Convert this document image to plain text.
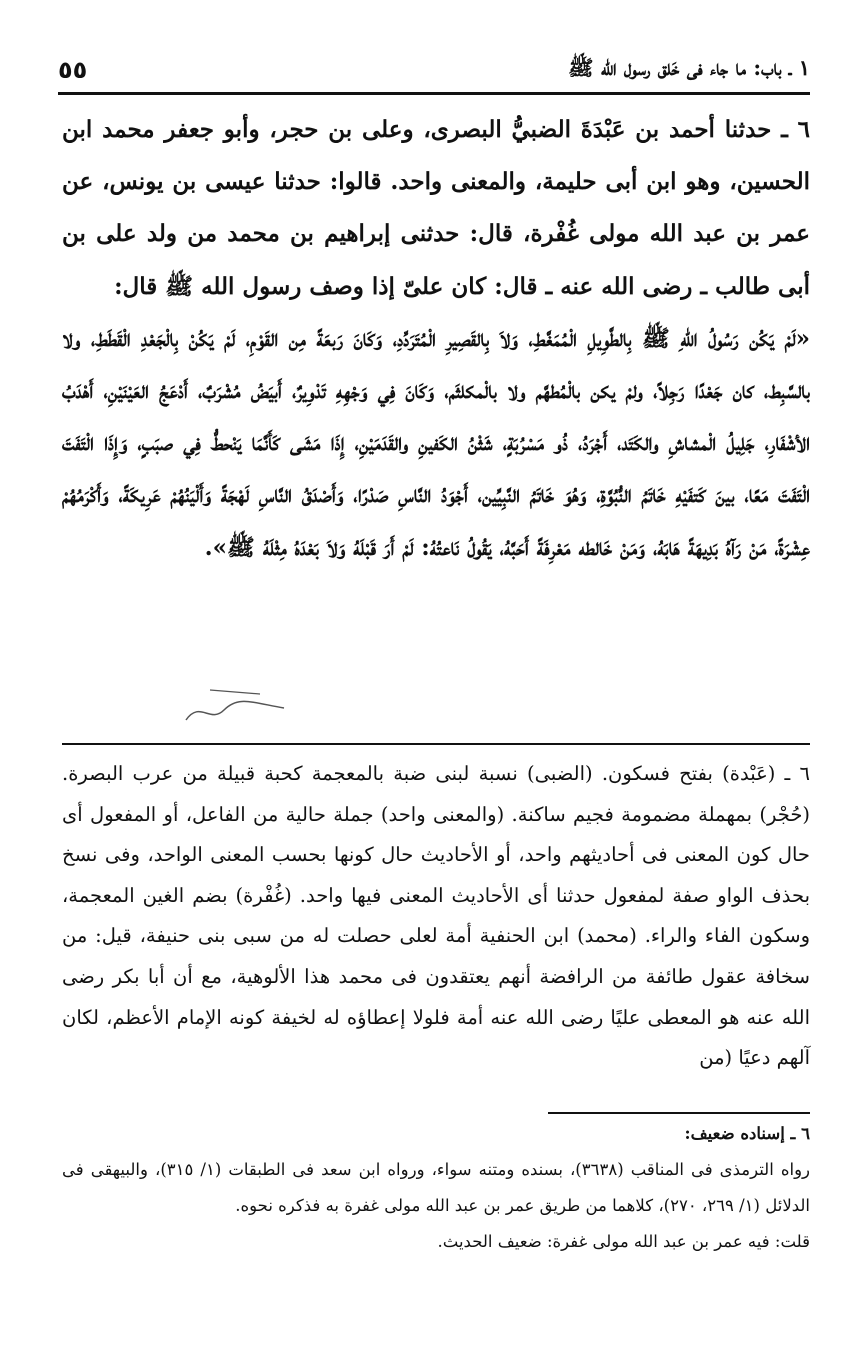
٥٥	١ ـ باب: ما جاء فى خَلق رسول الله ﷺ

٦ ـ حدثنا أحمد بن عَبْدَةَ الضبيُّ البصرى، وعلى بن حجر، وأبو جعفر محمد ابن الحسين، وهو ابن أبى حليمة، والمعنى واحد. قالوا: حدثنا عيسى بن يونس، عن عمر بن عبد الله مولى غُفْرة، قال: حدثنى إبراهيم بن محمد من ولد على بن أبى طالب ـ رضى الله عنه ـ قال: كان علىّ إذا وصف رسول الله ﷺ قال:

«لَمْ يَكُن رَسُولُ اللهِ ﷺ بِالطَّوِيلِ الْمُمَغَّطِ، وَلاَ بِالقَصِيرِ الْمُتَرَدِّدِ، وَكَانَ رَبعَةً مِن القَوْمِ، لَمْ يَكُنْ بِالْجَعْدِ الْقَطَطِ، ولا بالسَّبِط، كان جَعْدًا رَجِلاً، ولمْ يكن بالْمُطهَّم ولا بالْمكلثَم، وَكَانَ فِي وَجْهِهِ تَدْوِيرٌ، أَبيَضُ مُشْرَبٌ، أَدْعَجُ العَيْنَيْنِ، أَهْدَبُ الأشْفَارِ، جَلِيلُ الْمشاشِ والكَتَد، أَجْرَدُ، ذُو مَسْرُبَةٍ، شَثْنُ الكَفينِ والقَدَمَيْنِ، إِذَا مَشَى كَأَنَّمَا يَنْحطُّ فِي صبَبٍ، وَإِذَا الْتَفَتَ الْتَفَتَ مَعًا، بينَ كَتفَيْهِ خَاتَمُ النُّبُوَّةِ، وَهُوَ خَاتَمُ النَّبِيِّين، أَجْوَدُ النَّاسِ صَدْرًا، وَأَصْدَقُ النَّاسِ لَهْجَةً وَأَلْيَنُهُمْ عَرِيكَةً، وَأَكْرَمُهُمْ عِشْرَةً، مَنْ رَآهُ بَدِيهَةً هَابَهُ، وَمَنْ خَالطه مَعْرِفَةً أَحَبَّهُ، يَقُولُ نَاعتُهُ: لَمْ أَرَ قَبْلَهُ وَلاَ بَعْدَهُ مِثْلَهُ ﷺ».

٦ ـ (عَبْدة) بفتح فسكون. (الضبى) نسبة لبنى ضبة بالمعجمة كحبة قبيلة من عرب البصرة. (حُجْر) بمهملة مضمومة فجيم ساكنة. (والمعنى واحد) جملة حالية من الفاعل، أو المفعول أى حال كون المعنى فى أحاديثهم واحد، أو الأحاديث حال كونها بحسب المعنى الواحد، وفى نسخ بحذف الواو صفة لمفعول حدثنا أى الأحاديث المعنى فيها واحد. (غُفْرة) بضم الغين المعجمة، وسكون الفاء والراء. (محمد) ابن الحنفية أمة لعلى حصلت له من سبى بنى حنيفة، قيل: من سخافة عقول طائفة من الرافضة أنهم يعتقدون فى محمد هذا الألوهية، مع أن أبا بكر رضى الله عنه هو المعطى عليًا رضى الله عنه أمة فلولا إعطاؤه له لخيفة كونه الإمام الأعظم، لكان آلهم دعيًا (من

٦ ـ إسناده ضعيف:

رواه الترمذى فى المناقب (٣٦٣٨)، بسنده ومتنه سواء، ورواه ابن سعد فى الطبقات (١/ ٣١٥)، والبيهقى فى الدلائل (١/ ٢٦٩، ٢٧٠)، كلاهما من طريق عمر بن عبد الله مولى غفرة به فذكره نحوه.

قلت: فيه عمر بن عبد الله مولى غفرة: ضعيف الحديث.
